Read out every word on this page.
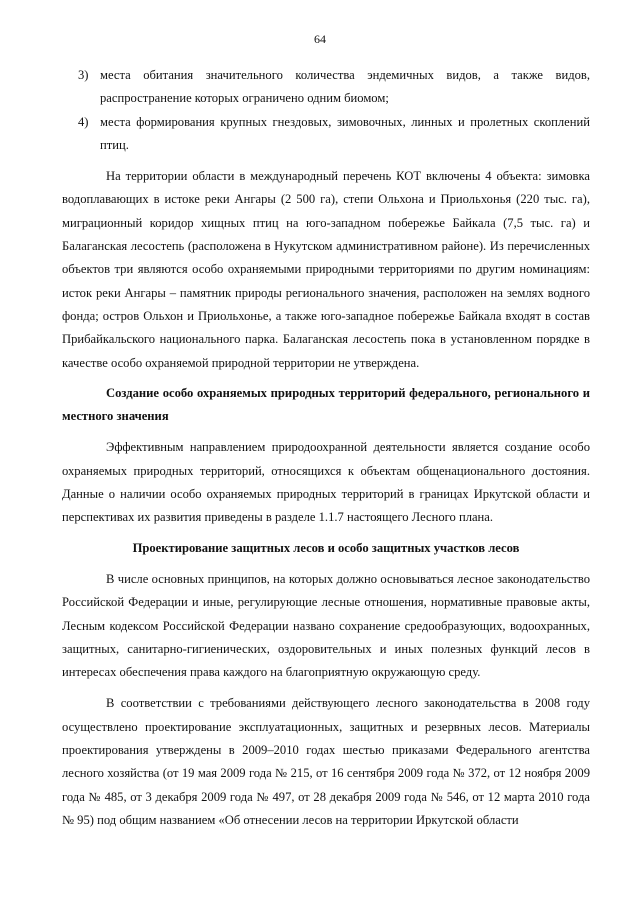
64
3) места обитания значительного количества эндемичных видов, а также видов, распространение которых ограничено одним биомом;
4) места формирования крупных гнездовых, зимовочных, линных и пролетных скоплений птиц.

На территории области в международный перечень КОТ включены 4 объекта: зимовка водоплавающих в истоке реки Ангары (2 500 га), степи Ольхона и Приольхонья (220 тыс. га), миграционный коридор хищных птиц на юго-западном побережье Байкала (7,5 тыс. га) и Балаганская лесостепь (расположена в Нукутском административном районе). Из перечисленных объектов три являются особо охраняемыми природными территориями по другим номинациям: исток реки Ангары – памятник природы регионального значения, расположен на землях водного фонда; остров Ольхон и Приольхонье, а также юго-западное побережье Байкала входят в состав Прибайкальского национального парка. Балаганская лесостепь пока в установленном порядке в качестве особо охраняемой природной территории не утверждена.

Создание особо охраняемых природных территорий федерального, регионального и местного значения

Эффективным направлением природоохранной деятельности является создание особо охраняемых природных территорий, относящихся к объектам общенационального достояния. Данные о наличии особо охраняемых природных территорий в границах Иркутской области и перспективах их развития приведены в разделе 1.1.7 настоящего Лесного плана.

Проектирование защитных лесов и особо защитных участков лесов

В числе основных принципов, на которых должно основываться лесное законодательство Российской Федерации и иные, регулирующие лесные отношения, нормативные правовые акты, Лесным кодексом Российской Федерации названо сохранение средообразующих, водоохранных, защитных, санитарно-гигиенических, оздоровительных и иных полезных функций лесов в интересах обеспечения права каждого на благоприятную окружающую среду.

В соответствии с требованиями действующего лесного законодательства в 2008 году осуществлено проектирование эксплуатационных, защитных и резервных лесов. Материалы проектирования утверждены в 2009–2010 годах шестью приказами Федерального агентства лесного хозяйства (от 19 мая 2009 года № 215, от 16 сентября 2009 года № 372, от 12 ноября 2009 года № 485, от 3 декабря 2009 года № 497, от 28 декабря 2009 года № 546, от 12 марта 2010 года № 95) под общим названием «Об отнесении лесов на территории Иркутской области
